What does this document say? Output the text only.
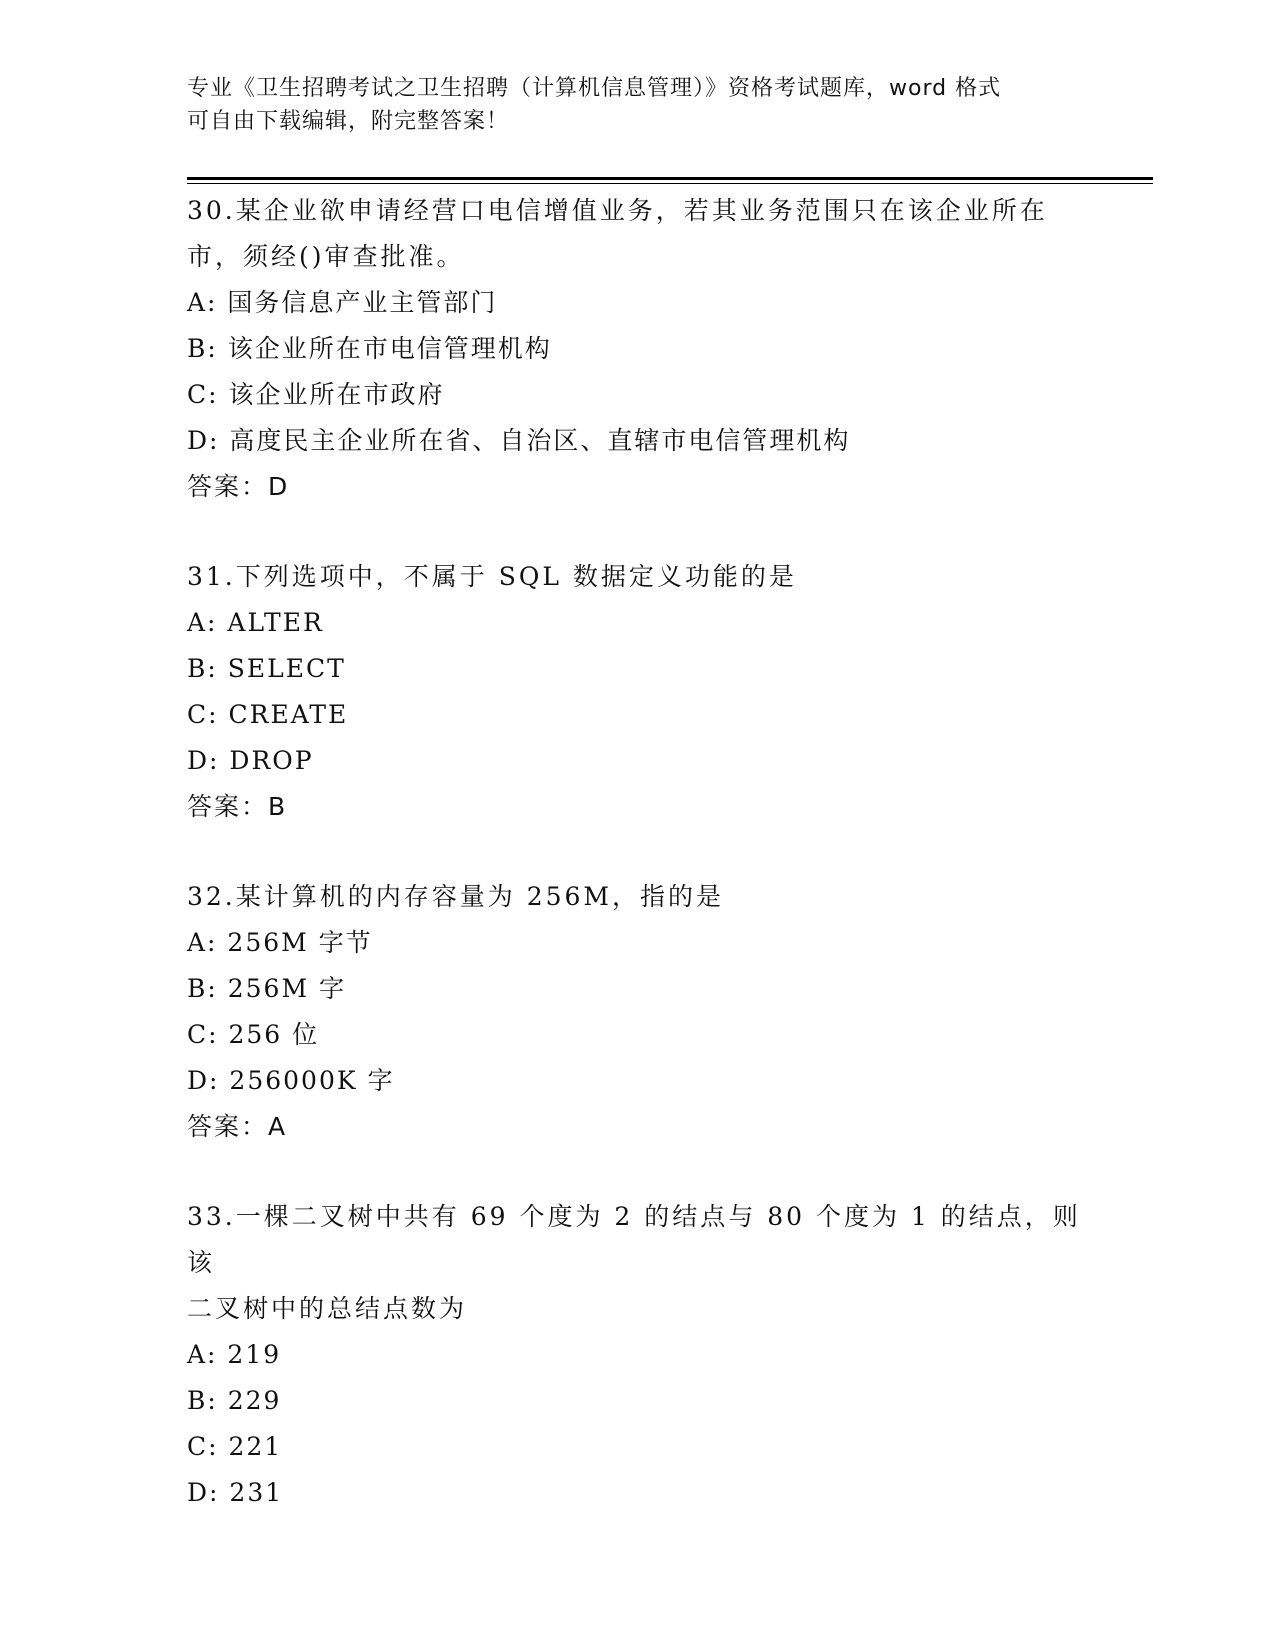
专业《卫生招聘考试之卫生招聘（计算机信息管理）》资格考试题库，word 格式
可自由下载编辑，附完整答案！
30.某企业欲申请经营口电信增值业务，若其业务范围只在该企业所在
市，须经()审查批准。
A: 国务信息产业主管部门
B: 该企业所在市电信管理机构
C: 该企业所在市政府
D: 高度民主企业所在省、自治区、直辖市电信管理机构
答案：D
31.下列选项中，不属于 SQL 数据定义功能的是
A: ALTER
B: SELECT
C: CREATE
D: DROP
答案：B
32.某计算机的内存容量为 256M，指的是
A: 256M 字节
B: 256M 字
C: 256 位
D: 256000K 字
答案：A
33.一棵二叉树中共有 69 个度为 2 的结点与 80 个度为 1 的结点，则该
二叉树中的总结点数为
A: 219
B: 229
C: 221
D: 231
